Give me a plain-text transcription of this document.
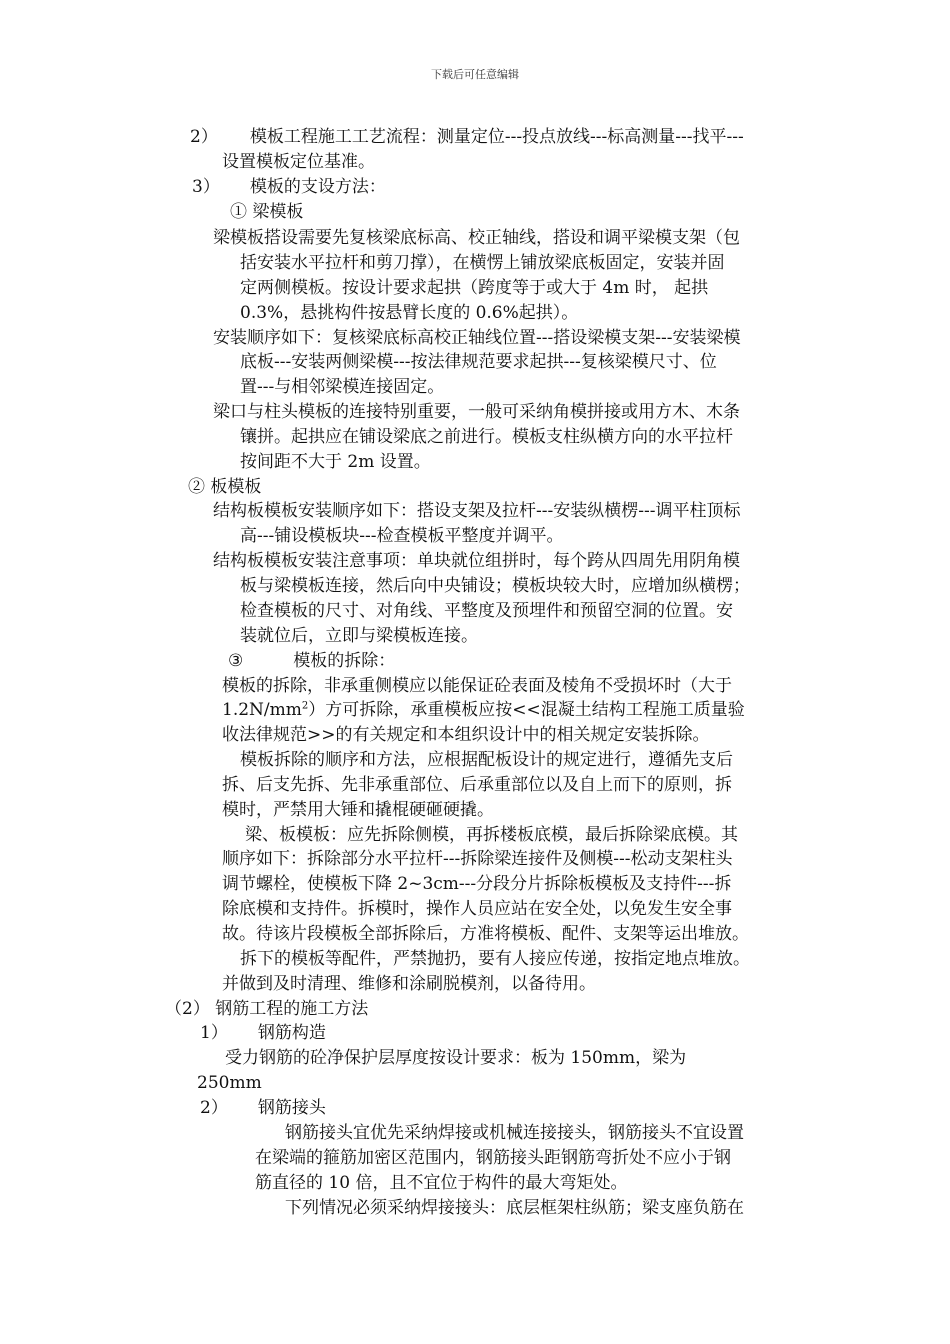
下载后可任意编辑
2） 模板工程施工工艺流程：测量定位---投点放线---标高测量---找平---
设置模板定位基准。
3） 模板的支设方法：
① 梁模板
梁模板搭设需要先复核梁底标高、校正轴线，搭设和调平梁模支架（包
括安装水平拉杆和剪刀撑），在横愣上铺放梁底板固定，安装并固
定两侧模板。按设计要求起拱（跨度等于或大于 4m 时， 起拱
0.3%，悬挑构件按悬臂长度的 0.6%起拱）。
安装顺序如下：复核梁底标高校正轴线位置---搭设梁模支架---安装梁模
底板---安装两侧梁模---按法律规范要求起拱---复核梁模尺寸、位
置---与相邻梁模连接固定。
梁口与柱头模板的连接特别重要，一般可采纳角模拼接或用方木、木条
镶拼。起拱应在铺设梁底之前进行。模板支柱纵横方向的水平拉杆
按间距不大于 2m 设置。
② 板模板
结构板模板安装顺序如下：搭设支架及拉杆---安装纵横楞---调平柱顶标
高---铺设模板块---检查模板平整度并调平。
结构板模板安装注意事项：单块就位组拼时，每个跨从四周先用阴角模
板与梁模板连接，然后向中央铺设；模板块较大时，应增加纵横楞；
检查模板的尺寸、对角线、平整度及预埋件和预留空洞的位置。安
装就位后，立即与梁模板连接。
③	模板的拆除：
模板的拆除，非承重侧模应以能保证砼表面及棱角不受损坏时（大于
$1.2N/mm^2$）方可拆除，承重模板应按<<混凝土结构工程施工质量验
收法律规范>>的有关规定和本组织设计中的相关规定安装拆除。
模板拆除的顺序和方法，应根据配板设计的规定进行，遵循先支后
拆、后支先拆、先非承重部位、后承重部位以及自上而下的原则，拆
模时，严禁用大锤和撬棍硬砸硬撬。
梁、板模板：应先拆除侧模，再拆楼板底模，最后拆除梁底模。其
顺序如下：拆除部分水平拉杆---拆除梁连接件及侧模---松动支架柱头
调节螺栓，使模板下降 2~3cm---分段分片拆除板模板及支持件---拆
除底模和支持件。拆模时，操作人员应站在安全处，以免发生安全事
故。待该片段模板全部拆除后，方准将模板、配件、支架等运出堆放。
拆下的模板等配件，严禁抛扔，要有人接应传递，按指定地点堆放。
并做到及时清理、维修和涂刷脱模剂，以备待用。
（2） 钢筋工程的施工方法
1） 钢筋构造
受力钢筋的砼净保护层厚度按设计要求：板为 150mm，梁为
250mm
2） 钢筋接头
钢筋接头宜优先采纳焊接或机械连接接头，钢筋接头不宜设置
在梁端的箍筋加密区范围内，钢筋接头距钢筋弯折处不应小于钢
筋直径的 10 倍，且不宜位于构件的最大弯矩处。
下列情况必须采纳焊接接头：底层框架柱纵筋；梁支座负筋在
